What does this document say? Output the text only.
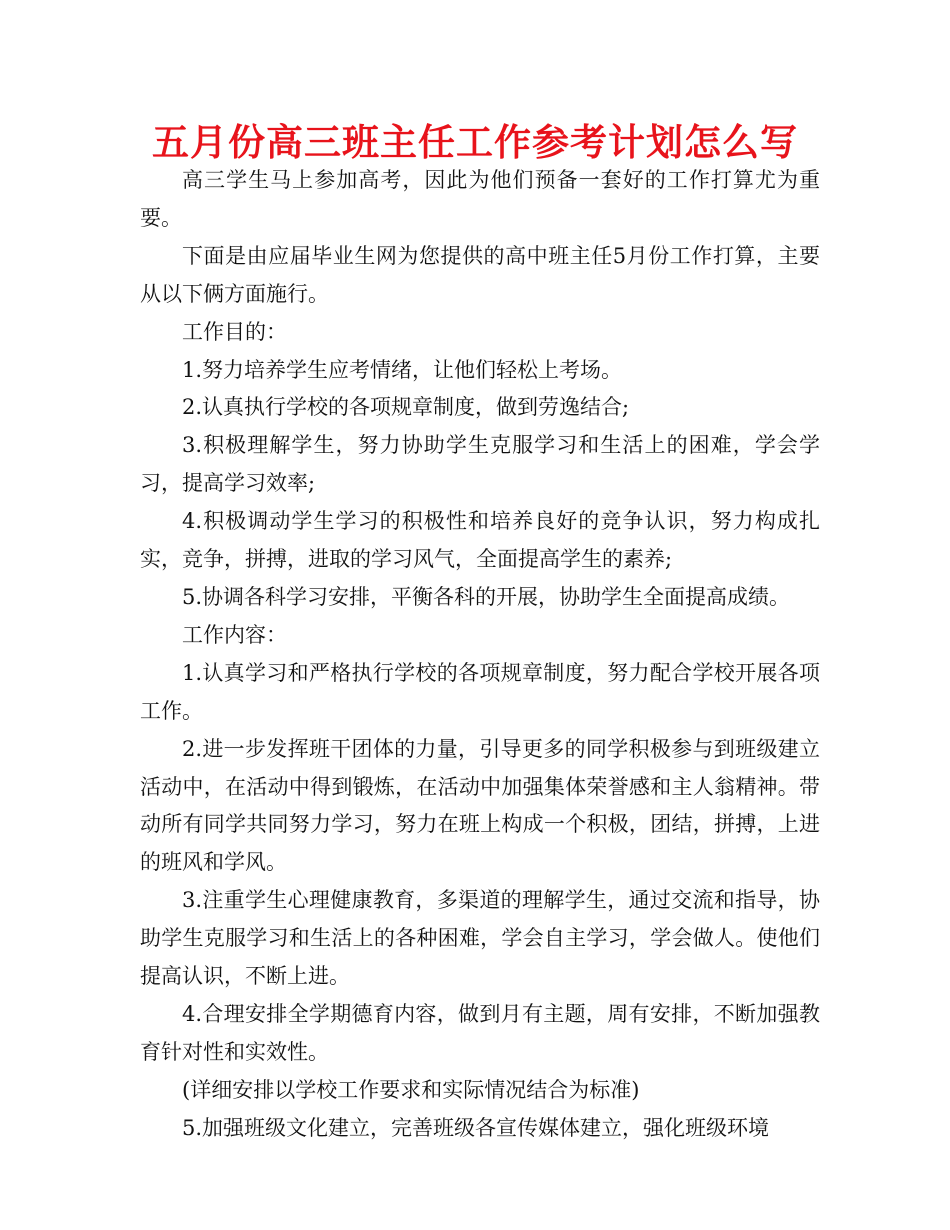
五月份高三班主任工作参考计划怎么写

高三学生马上参加高考，因此为他们预备一套好的工作打算尤为重要。

下面是由应届毕业生网为您提供的高中班主任5月份工作打算，主要从以下俩方面施行。

工作目的：

1.努力培养学生应考情绪，让他们轻松上考场。

2.认真执行学校的各项规章制度，做到劳逸结合;

3.积极理解学生，努力协助学生克服学习和生活上的困难，学会学习，提高学习效率;

4.积极调动学生学习的积极性和培养良好的竞争认识，努力构成扎实，竞争，拼搏，进取的学习风气，全面提高学生的素养;

5.协调各科学习安排，平衡各科的开展，协助学生全面提高成绩。

工作内容：

1.认真学习和严格执行学校的各项规章制度，努力配合学校开展各项工作。

2.进一步发挥班干团体的力量，引导更多的同学积极参与到班级建立活动中，在活动中得到锻炼，在活动中加强集体荣誉感和主人翁精神。带动所有同学共同努力学习，努力在班上构成一个积极，团结，拼搏，上进的班风和学风。

3.注重学生心理健康教育，多渠道的理解学生，通过交流和指导，协助学生克服学习和生活上的各种困难，学会自主学习，学会做人。使他们提高认识，不断上进。

4.合理安排全学期德育内容，做到月有主题，周有安排，不断加强教育针对性和实效性。

(详细安排以学校工作要求和实际情况结合为标准)

5.加强班级文化建立，完善班级各宣传媒体建立，强化班级环境
